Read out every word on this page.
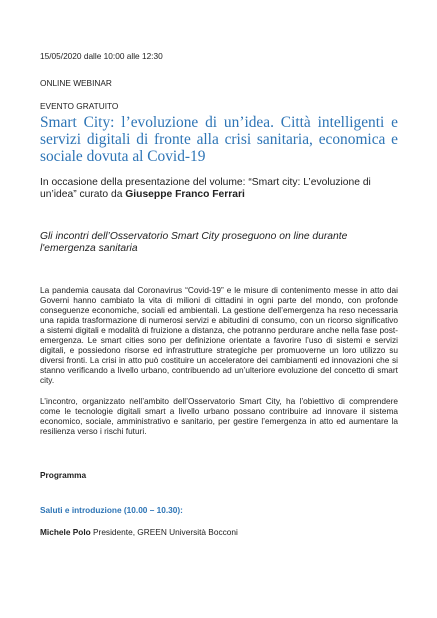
15/05/2020 dalle 10:00 alle 12:30
ONLINE WEBINAR
EVENTO GRATUITO
Smart City: l’evoluzione di un’idea. Città intelligenti e servizi digitali di fronte alla crisi sanitaria, economica e sociale dovuta al Covid-19

In occasione della presentazione del volume: “Smart city: L’evoluzione di un’idea” curato da Giuseppe Franco Ferrari

Gli incontri dell’Osservatorio Smart City proseguono on line durante l'emergenza sanitaria

La pandemia causata dal Coronavirus “Covid-19” e le misure di contenimento messe in atto dai Governi hanno cambiato la vita di milioni di cittadini in ogni parte del mondo, con profonde conseguenze economiche, sociali ed ambientali. La gestione dell’emergenza ha reso necessaria una rapida trasformazione di numerosi servizi e abitudini di consumo, con un ricorso significativo a sistemi digitali e modalità di fruizione a distanza, che potranno perdurare anche nella fase post-emergenza. Le smart cities sono per definizione orientate a favorire l’uso di sistemi e servizi digitali, e possiedono risorse ed infrastrutture strategiche per promuoverne un loro utilizzo su diversi fronti. La crisi in atto può costituire un acceleratore dei cambiamenti ed innovazioni che si stanno verificando a livello urbano, contribuendo ad un’ulteriore evoluzione del concetto di smart city.

L’incontro, organizzato nell’ambito dell’Osservatorio Smart City, ha l’obiettivo di comprendere come le tecnologie digitali smart a livello urbano possano contribuire ad innovare il sistema economico, sociale, amministrativo e sanitario, per gestire l’emergenza in atto ed aumentare la resilienza verso i rischi futuri.

Programma

Saluti e introduzione (10.00 – 10.30):

Michele Polo Presidente, GREEN Università Bocconi
